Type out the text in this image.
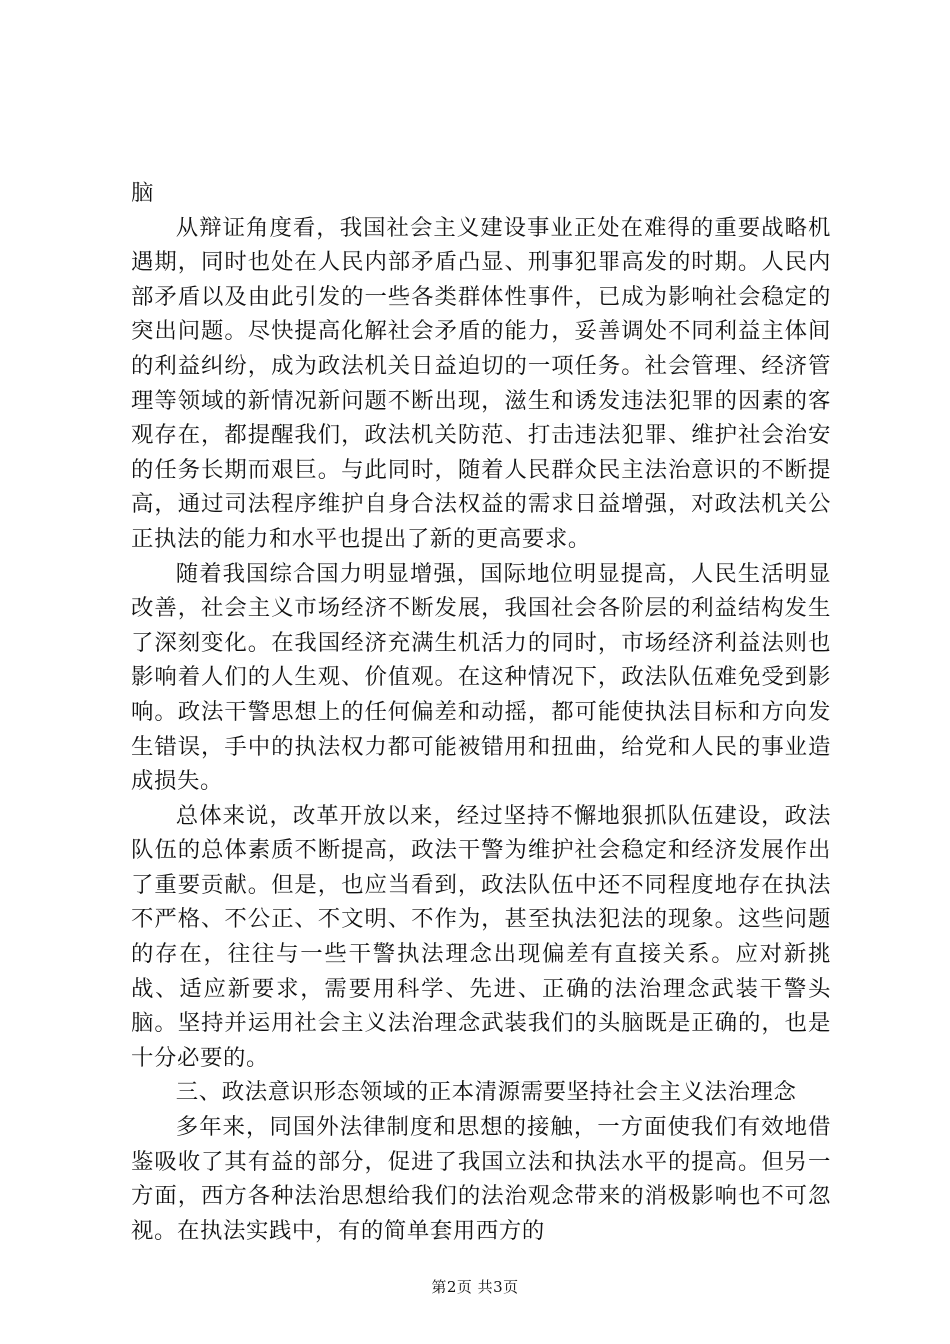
脑

从辩证角度看，我国社会主义建设事业正处在难得的重要战略机遇期，同时也处在人民内部矛盾凸显、刑事犯罪高发的时期。人民内部矛盾以及由此引发的一些各类群体性事件，已成为影响社会稳定的突出问题。尽快提高化解社会矛盾的能力，妥善调处不同利益主体间的利益纠纷，成为政法机关日益迫切的一项任务。社会管理、经济管理等领域的新情况新问题不断出现，滋生和诱发违法犯罪的因素的客观存在，都提醒我们，政法机关防范、打击违法犯罪、维护社会治安的任务长期而艰巨。与此同时，随着人民群众民主法治意识的不断提高，通过司法程序维护自身合法权益的需求日益增强，对政法机关公正执法的能力和水平也提出了新的更高要求。

随着我国综合国力明显增强，国际地位明显提高，人民生活明显改善，社会主义市场经济不断发展，我国社会各阶层的利益结构发生了深刻变化。在我国经济充满生机活力的同时，市场经济利益法则也影响着人们的人生观、价值观。在这种情况下，政法队伍难免受到影响。政法干警思想上的任何偏差和动摇，都可能使执法目标和方向发生错误，手中的执法权力都可能被错用和扭曲，给党和人民的事业造成损失。

总体来说，改革开放以来，经过坚持不懈地狠抓队伍建设，政法队伍的总体素质不断提高，政法干警为维护社会稳定和经济发展作出了重要贡献。但是，也应当看到，政法队伍中还不同程度地存在执法不严格、不公正、不文明、不作为，甚至执法犯法的现象。这些问题的存在，往往与一些干警执法理念出现偏差有直接关系。应对新挑战、适应新要求，需要用科学、先进、正确的法治理念武装干警头脑。坚持并运用社会主义法治理念武装我们的头脑既是正确的，也是十分必要的。

三、政法意识形态领域的正本清源需要坚持社会主义法治理念

多年来，同国外法律制度和思想的接触，一方面使我们有效地借鉴吸收了其有益的部分，促进了我国立法和执法水平的提高。但另一方面，西方各种法治思想给我们的法治观念带来的消极影响也不可忽视。在执法实践中，有的简单套用西方的

第2页 共3页
